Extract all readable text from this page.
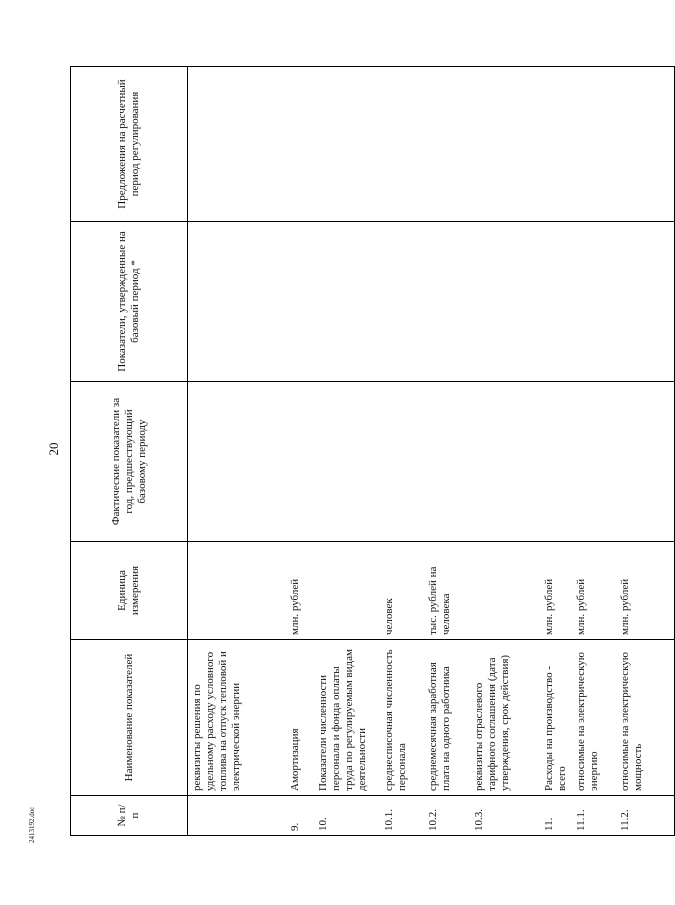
20
№ п/п	Наименование показателей	Единица измерения	Фактические показатели за год, предшествующий базовому периоду	Показатели, утвержденные на базовый период *	Предложения на расчетный период регулирования
	реквизиты решения по удельному расходу условного топлива на отпуск тепловой и электрической энергии				
9.	Амортизация	млн. рублей			
10.	Показатели численности персонала и фонда оплаты труда по регулируемым видам деятельности				
10.1.	среднесписочная численность персонала	человек			
10.2.	среднемесячная заработная плата на одного работника	тыс. рублей на человека			
10.3.	реквизиты отраслевого тарифного соглашения (дата утверждения, срок действия)				
11.	Расходы на производство - всего	млн. рублей			
11.1.	относимые на электрическую энергию	млн. рублей			
11.2.	относимые на электрическую мощность	млн. рублей			
2413192.doc
